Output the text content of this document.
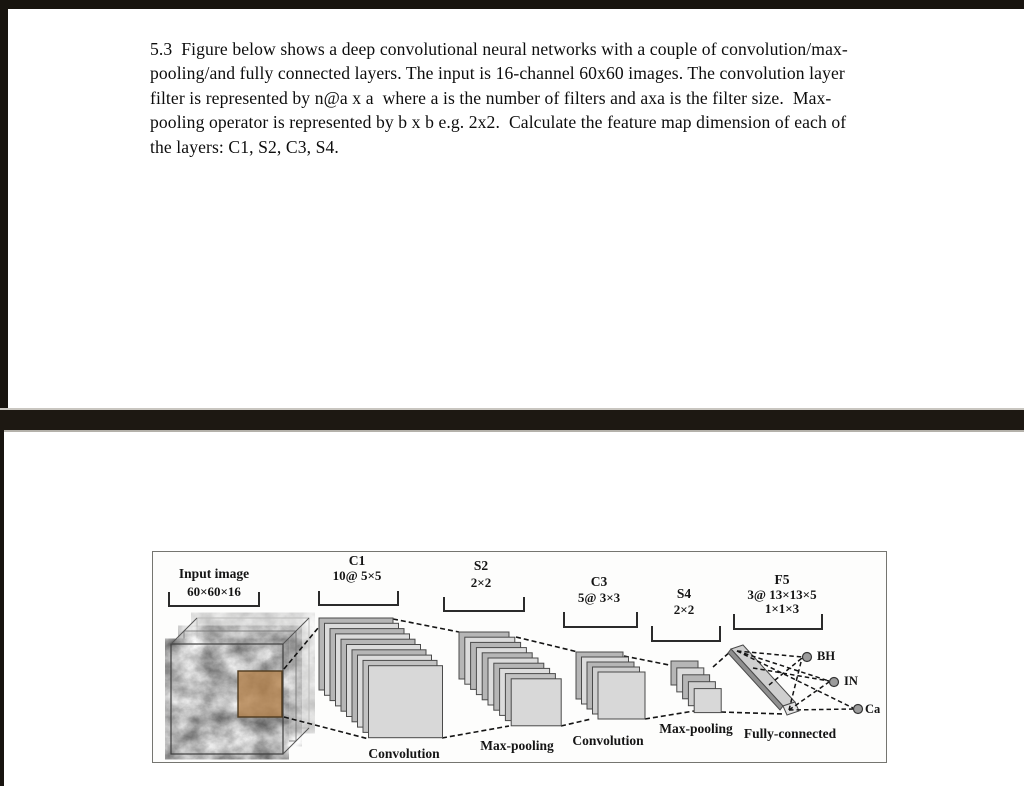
5.3  Figure below shows a deep convolutional neural networks with a couple of convolution/max-
pooling/and fully connected layers. The input is 16-channel 60x60 images. The convolution layer
filter is represented by n@a x a  where a is the number of filters and axa is the filter size.  Max-
pooling operator is represented by b x b e.g. 2x2.  Calculate the feature map dimension of each of
the layers: C1, S2, C3, S4.
Input image
60×60×16
C1
10@ 5×5
S2
2×2	C3
5@ 3×3	S4
2×2
F5
3@ 13×13×5
1×1×3
Convolution
Max-pooling	Convolution
Max-pooling Fully-connected
BH
IN
Ca
